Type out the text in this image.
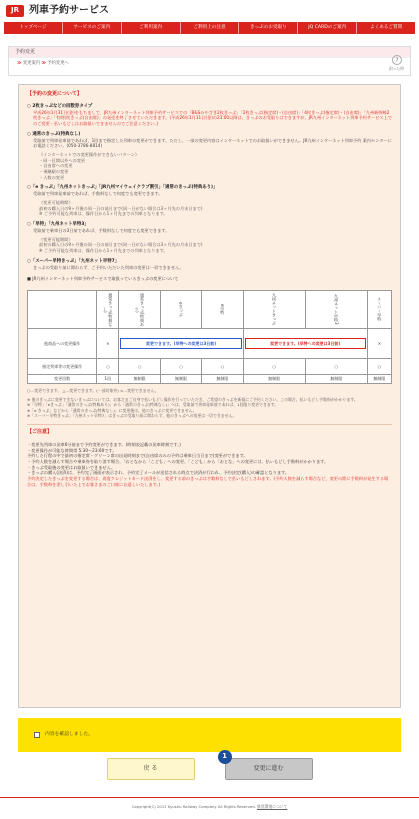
JR 列車予約サービス
トップページ	サービスのご案内	ご利用案内	ご利用上の注意	きっぷのお受取り	JQ CARDのご案内	よくあるご質問
予約変更
≫ 変更案内 ≫ 予約変更へ	?
困った時
【予約の変更について】
○ 2枚きっぷなどの回数券タイプ
平成26年1月31日(金)をもちまして、JR九州インターネット列車予約サービスでの「B&Sみやざき2枚きっぷ」「2枚きっぷ(指定席)・(自由席)」「4枚きっぷ(指定席)・(自由席)」「九州新幹線2枚きっぷ」「有明(枚きっぷ(自由席)」の発売を終了させていただきます。(平成26年1月31日(金)の23:00以降は、きっぷのお受取りはできますが、JR九州インターネット列車予約サービス上でのご変更・払いもどしはお取扱いできませんのでご注意ください。)
○ 通常のきっぷ(特典なし)
受取前で列車発車前であれば、1回まで指定した列車の変更ができます。ただし、一部の変更内容はインターネットでのお取扱いができません。JR九州インターネット列車予約 案内センターにお電話ください。(050-3786-8814)
《インターネットでの変更操作ができないパターン》
・同一区間以外への変更
・自由席への変更
・乗継駅の変更
・人数の変更
○「e きっぷ」「九州ネットきっぷ」「JR九州マイウェイクラブ割引」「通常のきっぷ(特典あり)」
受取前で列車発車前であれば、手数料なしで何度でも変更できます。
《変更可能期間》
最初の購入日の9ヶ月後の同一日の前日まで(同一日がない場合は3ヶ月先の月末日まで)
※ ご予約可能な列車は、操作日から1ヶ月先までの列車となります。
○「早特」「九州ネット早特3」
受取前で乗車日の3日前であれば、手数料なしで何度でも変更できます。
《変更可能期間》
最初の購入日の9ヶ月後の同一日の前日まで(同一日がない場合は3ヶ月先の月末日まで)
※ ご予約可能な列車は、操作日から1ヶ月先までの列車となります。
○「スーパー早特きっぷ」「九州ネット早特7」
きっぷの受取り前に関わらず、ご予約いただいた列車の変更は一切できません。
■ JR九州インターネット列車予約サービスで取扱っているきっぷの変更について
	通常きっぷ(特典なし)	通常きっぷ(特典あり)	eきっぷ	e早特	九州ネットきっぷ	九州ネット早特3	スーパー早特
他商品への変更操作	×	変更できます。(早特への変更は3日前)			変更できます。(早特への変更は3日前)		×
指定列車等の変更操作	○	○	○	○	○	○	○
変更回数	1回	無制限	無制限	無制限	無制限	無制限	無制限
○…変更できます。 △…変更できます。(一部対象外) ×…変更できません。
※ 他のきっぷに変更できないきっぷについては、お客さまご自身で払いもどし操作を行っていただき、ご希望のきっぷを新規にご予約ください。この場合、払いもどし手数料がかかります。
※「早特」「eきっぷ」「通常のきっぷ(特典あり)」から「通常のきっぷ(特典なし)」へは、受取前で列車発車前であれば、1回限り変更できます。
※「e きっぷ」などから「通常のきっぷ(特典なし)」に変更後は、他のきっぷに変更できません。
※「スーパー早特きっぷ」「九州ネット早特7」はきっぷの受取り前に関わらず、他のきっぷへの変更は一切できません。
【ご注意】
・変更先列車の発車6分前まで予約変更ができます。(時刻表記載の発車時刻です。)
・変更操作が可能な時間帯 5:30〜23:00です。
予約した行程の中で最初の指定席・グリーン席の出発時刻まで(自由席のみの予約は乗車日当日まで)変更ができます。
・予約人数を減らす場合や乗車券を取り消す場合、「おとなから「こども」への変更、「こども」から「おとな」への変更には、払いもどし手数料がかかります。
・きっぷ受取後の変更はお取扱いできません。
・きっぷの購入(決済)は、予約完了画面が表示され、予約完了メールが送信される時点で決済が行われ、予約決定(購入)の確認となります。
予約決定したきっぷを変更する場合は、再度クレジットカード決済をし、変更する前のきっぷは手数料なしで払いもどしされます。(予約人数を減らす場合など、変更の際に手数料が発生する場合は、手数料を差し引いた上でお客さまのご口座にお返しいたします。)
内容を確認しました。
戻 る
1
変更に進む
Copyright(C) 2011 Kyushu Railway Company All Rights Reserved. 推奨環境について
